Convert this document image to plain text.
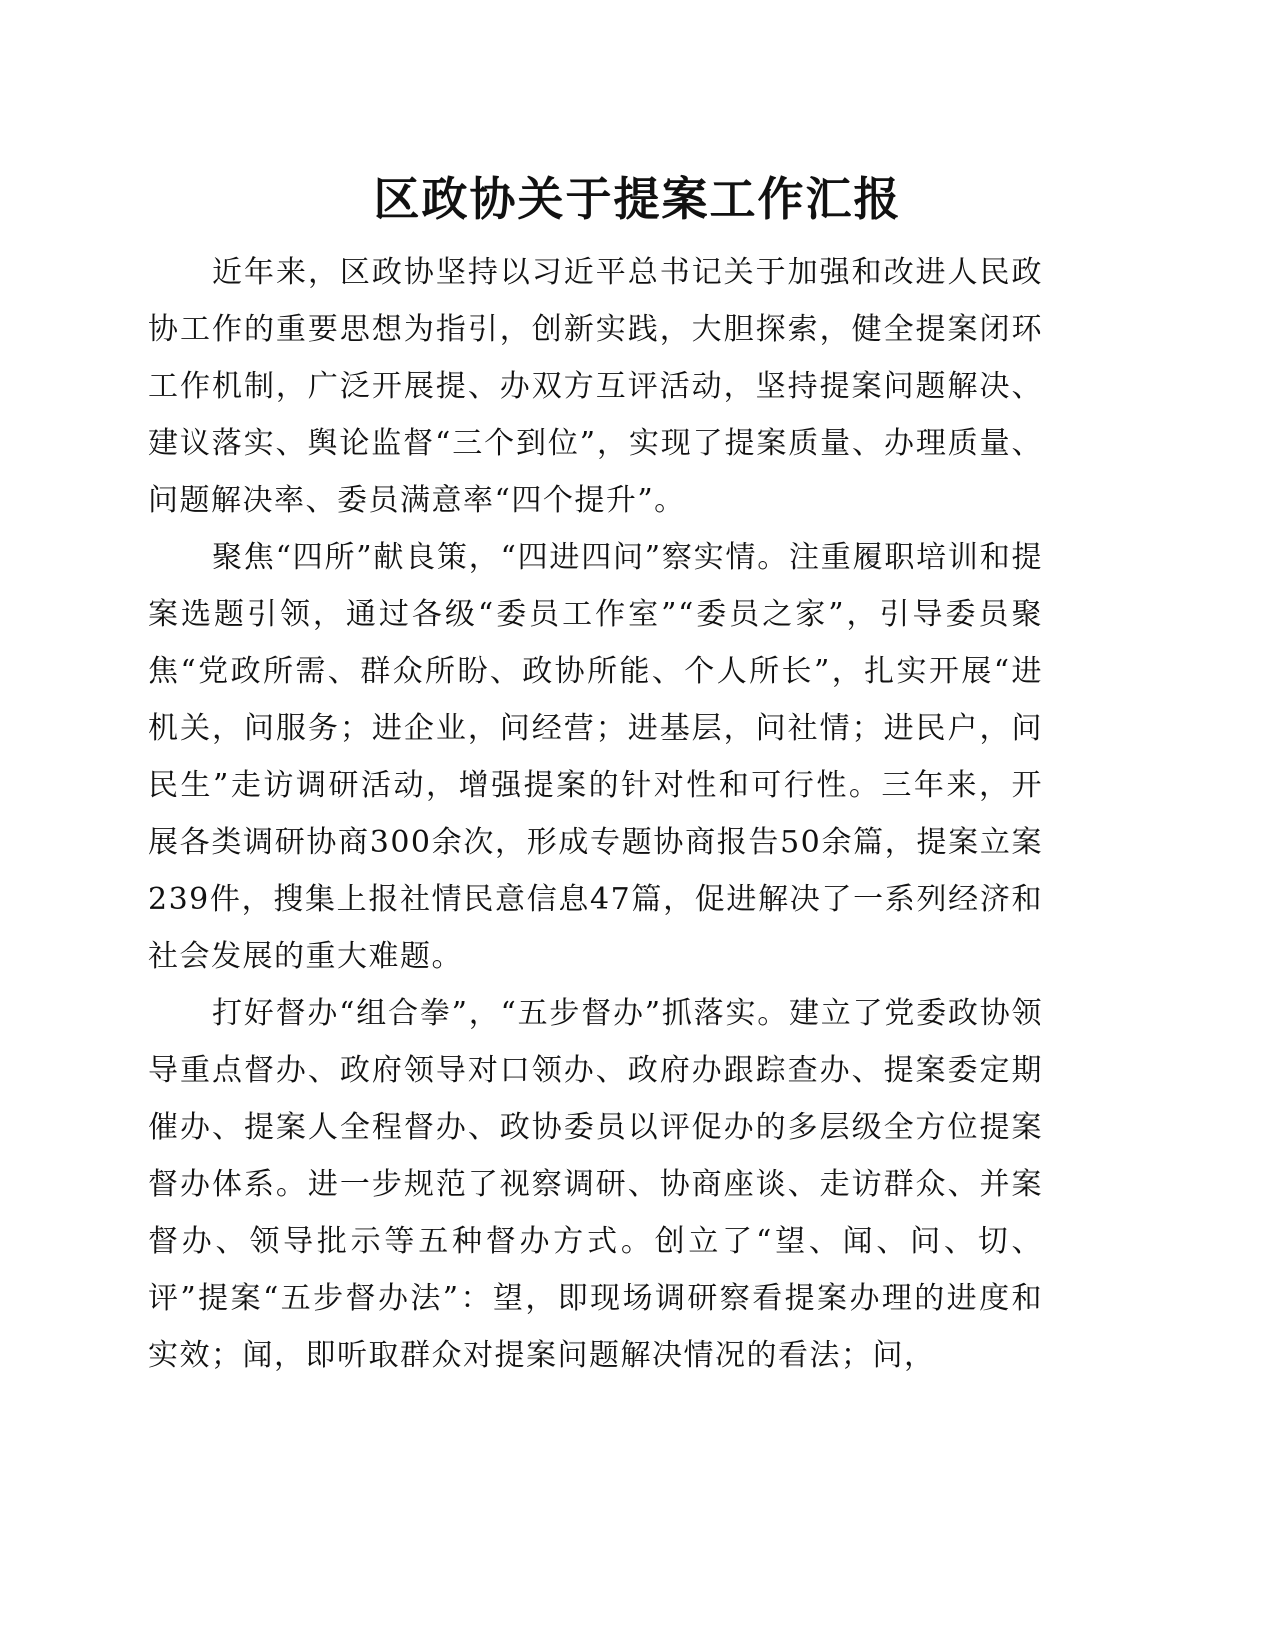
区政协关于提案工作汇报

近年来，区政协坚持以习近平总书记关于加强和改进人民政协工作的重要思想为指引，创新实践，大胆探索，健全提案闭环工作机制，广泛开展提、办双方互评活动，坚持提案问题解决、建议落实、舆论监督“三个到位”，实现了提案质量、办理质量、问题解决率、委员满意率“四个提升”。

聚焦“四所”献良策，“四进四问”察实情。注重履职培训和提案选题引领，通过各级“委员工作室”“委员之家”，引导委员聚焦“党政所需、群众所盼、政协所能、个人所长”，扎实开展“进机关，问服务；进企业，问经营；进基层，问社情；进民户，问民生”走访调研活动，增强提案的针对性和可行性。三年来，开展各类调研协商300余次，形成专题协商报告50余篇，提案立案239件，搜集上报社情民意信息47篇，促进解决了一系列经济和社会发展的重大难题。

打好督办“组合拳”，“五步督办”抓落实。建立了党委政协领导重点督办、政府领导对口领办、政府办跟踪查办、提案委定期催办、提案人全程督办、政协委员以评促办的多层级全方位提案督办体系。进一步规范了视察调研、协商座谈、走访群众、并案督办、领导批示等五种督办方式。创立了“望、闻、问、切、评”提案“五步督办法”：望，即现场调研察看提案办理的进度和实效；闻，即听取群众对提案问题解决情况的看法；问，
